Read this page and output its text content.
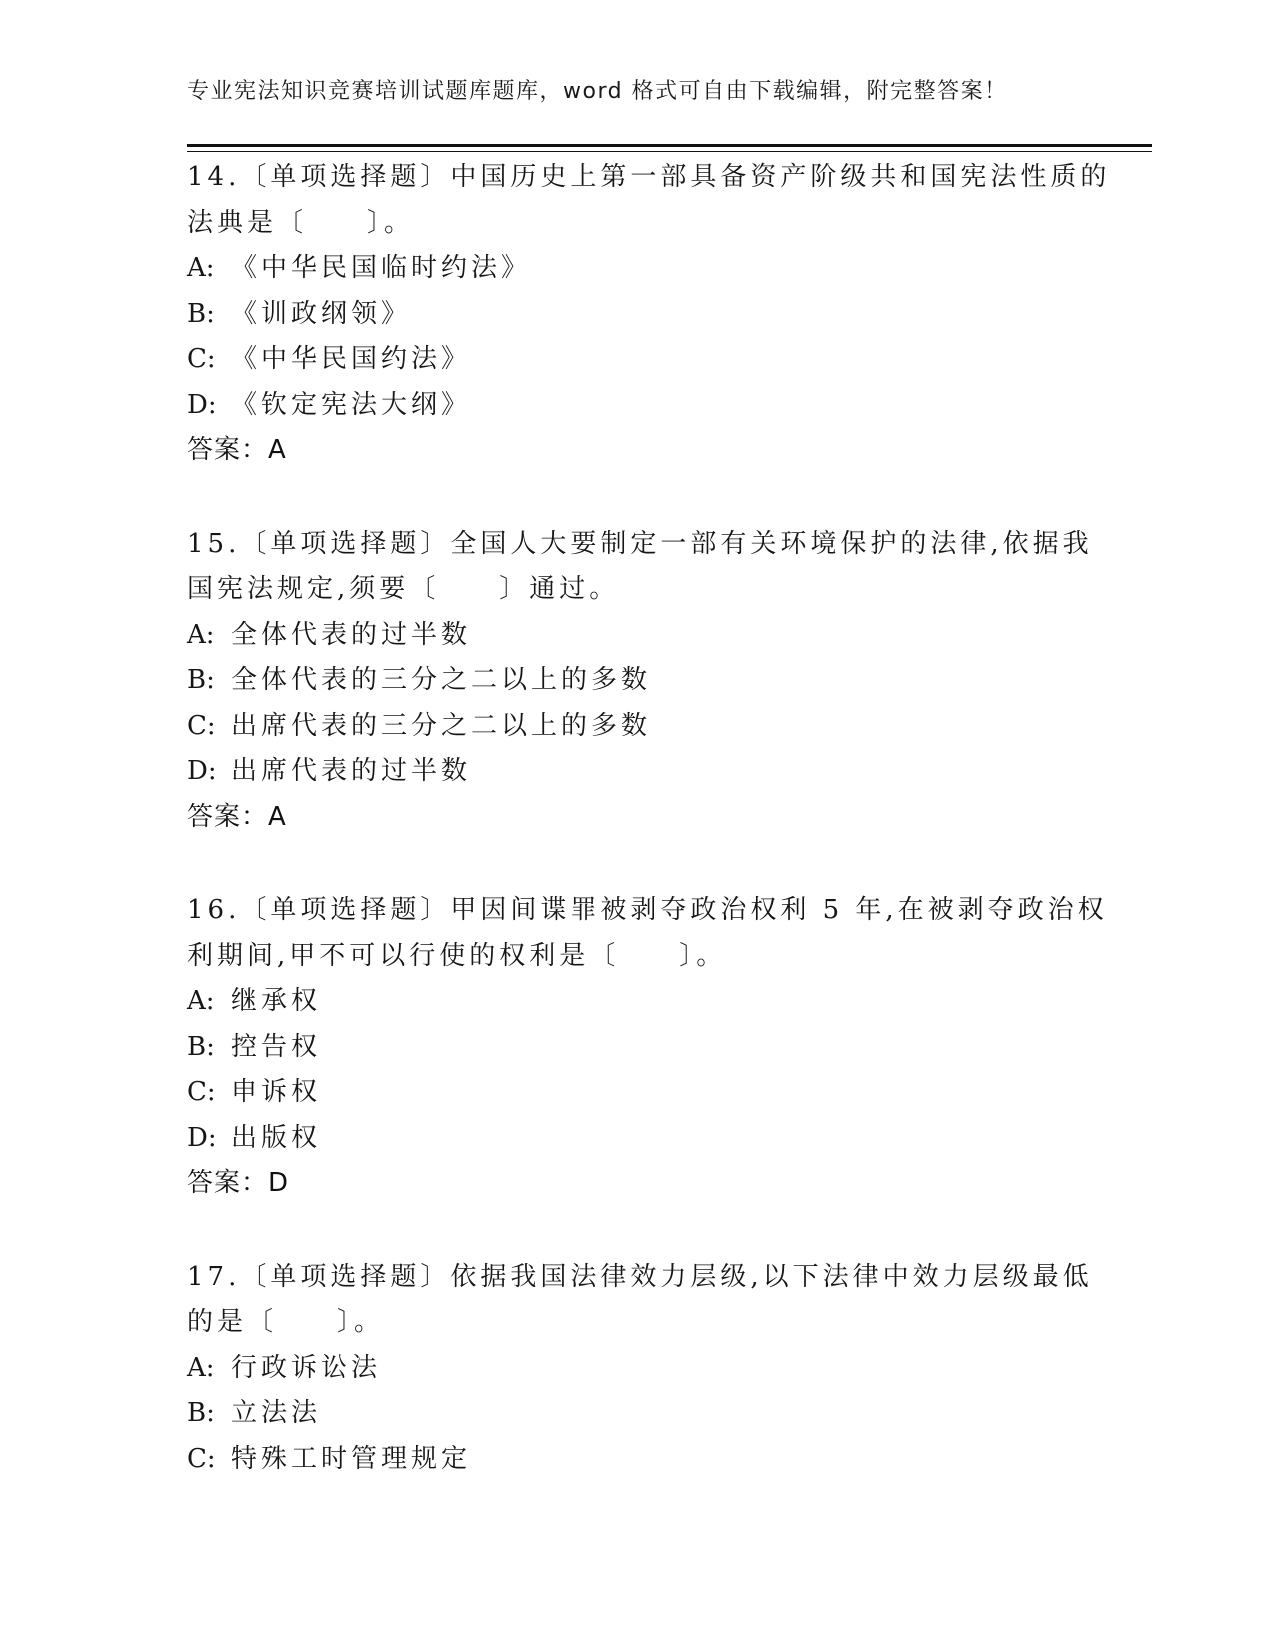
专业宪法知识竞赛培训试题库题库，word 格式可自由下载编辑，附完整答案！
14.〔单项选择题〕中国历史上第一部具备资产阶级共和国宪法性质的
法典是〔　　〕。
A: 《中华民国临时约法》
B: 《训政纲领》
C: 《中华民国约法》
D: 《钦定宪法大纲》
答案：A
15.〔单项选择题〕全国人大要制定一部有关环境保护的法律,依据我
国宪法规定,须要〔　　〕通过。
A: 全体代表的过半数
B: 全体代表的三分之二以上的多数
C: 出席代表的三分之二以上的多数
D: 出席代表的过半数
答案：A
16.〔单项选择题〕甲因间谍罪被剥夺政治权利 5 年,在被剥夺政治权
利期间,甲不可以行使的权利是〔　　〕。
A: 继承权
B: 控告权
C: 申诉权
D: 出版权
答案：D
17.〔单项选择题〕依据我国法律效力层级,以下法律中效力层级最低
的是〔　　〕。
A: 行政诉讼法
B: 立法法
C: 特殊工时管理规定
